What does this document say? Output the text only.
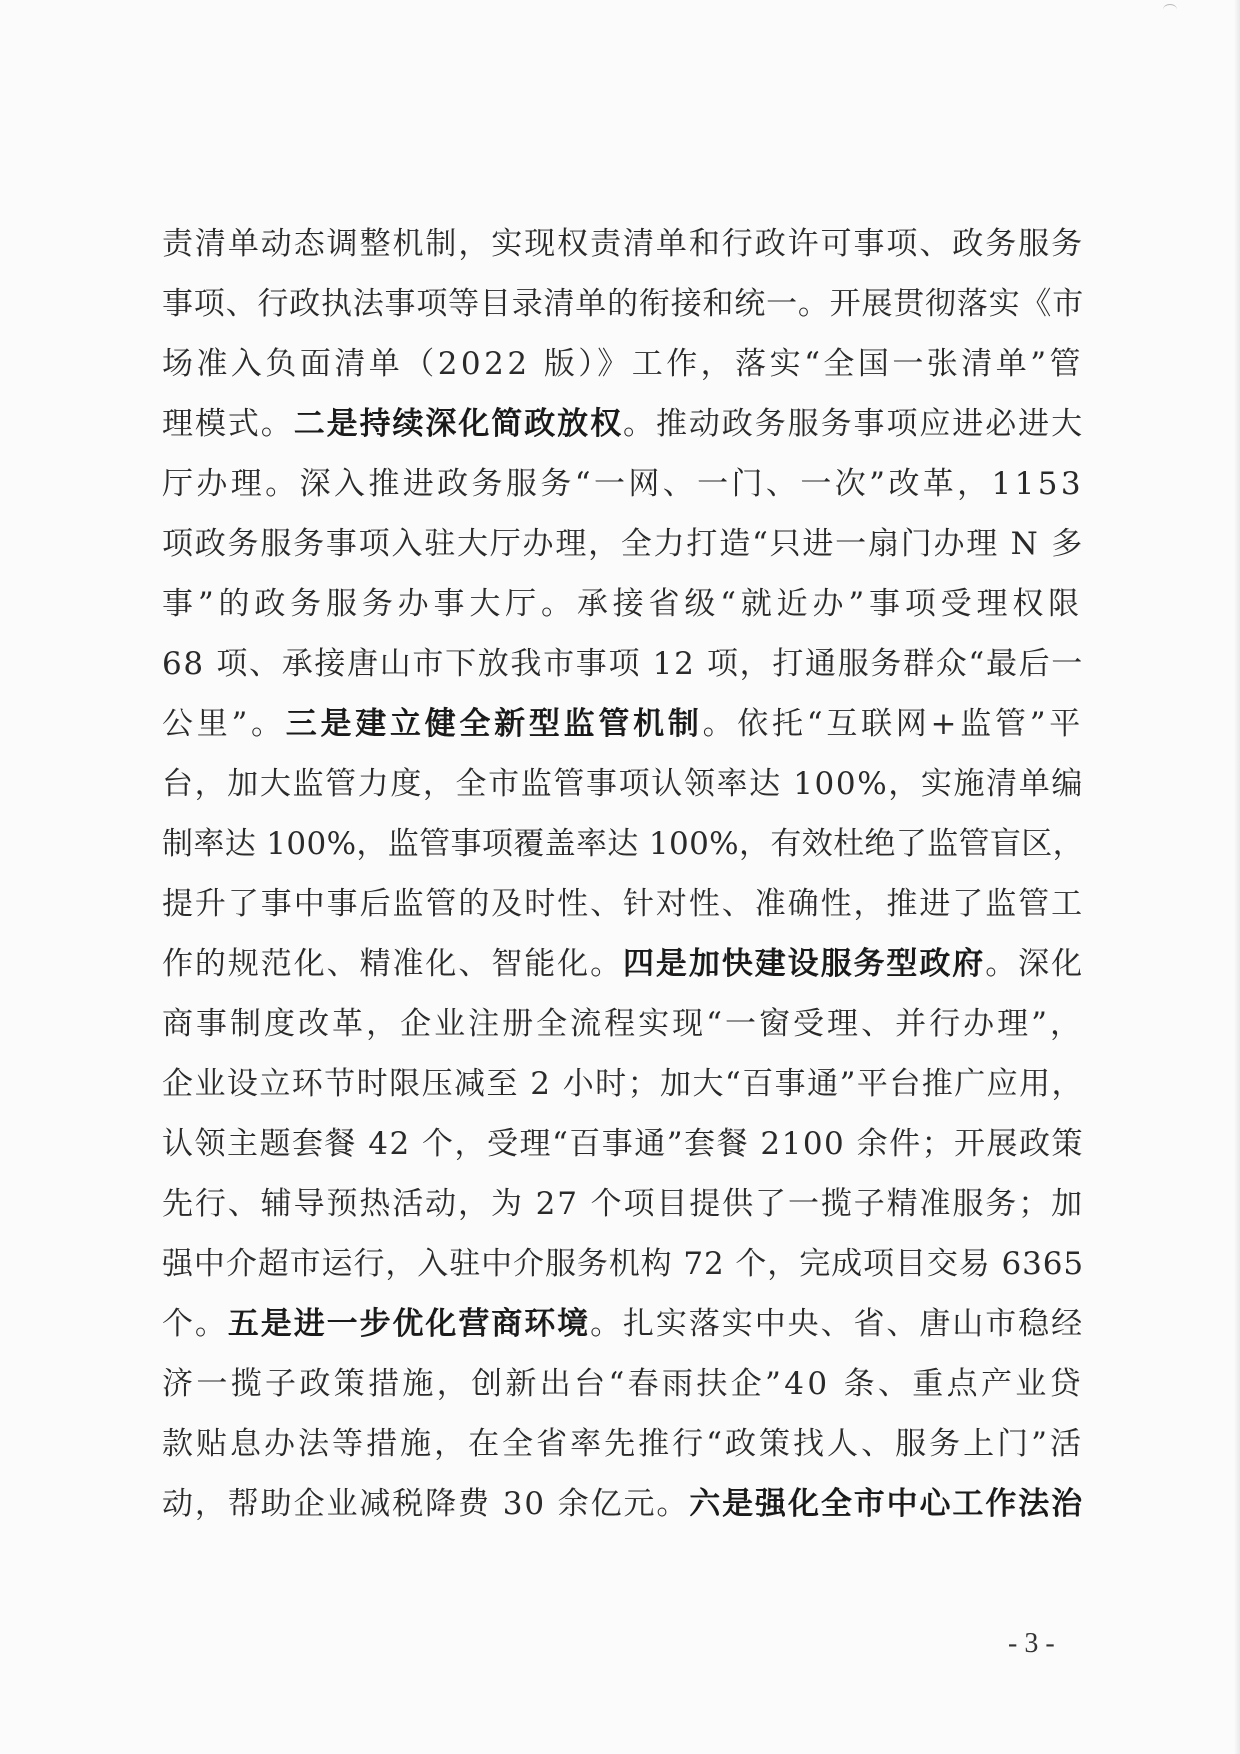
责清单动态调整机制，实现权责清单和行政许可事项、政务服务
事项、行政执法事项等目录清单的衔接和统一。开展贯彻落实《市
场准入负面清单（2022 版）》工作，落实“全国一张清单”管
理模式。二是持续深化简政放权。推动政务服务事项应进必进大
厅办理。深入推进政务服务“一网、一门、一次”改革，1153
项政务服务事项入驻大厅办理，全力打造“只进一扇门办理 N 多
事”的政务服务办事大厅。承接省级“就近办”事项受理权限
68 项、承接唐山市下放我市事项 12 项，打通服务群众“最后一
公里”。三是建立健全新型监管机制。依托“互联网+监管”平
台，加大监管力度，全市监管事项认领率达 100%，实施清单编
制率达 100%，监管事项覆盖率达 100%，有效杜绝了监管盲区，
提升了事中事后监管的及时性、针对性、准确性，推进了监管工
作的规范化、精准化、智能化。四是加快建设服务型政府。深化
商事制度改革，企业注册全流程实现“一窗受理、并行办理”，
企业设立环节时限压减至 2 小时；加大“百事通”平台推广应用，
认领主题套餐 42 个，受理“百事通”套餐 2100 余件；开展政策
先行、辅导预热活动，为 27 个项目提供了一揽子精准服务；加
强中介超市运行，入驻中介服务机构 72 个，完成项目交易 6365
个。五是进一步优化营商环境。扎实落实中央、省、唐山市稳经
济一揽子政策措施，创新出台“春雨扶企”40 条、重点产业贷
款贴息办法等措施，在全省率先推行“政策找人、服务上门”活
动，帮助企业减税降费 30 余亿元。六是强化全市中心工作法治
- 3 -
